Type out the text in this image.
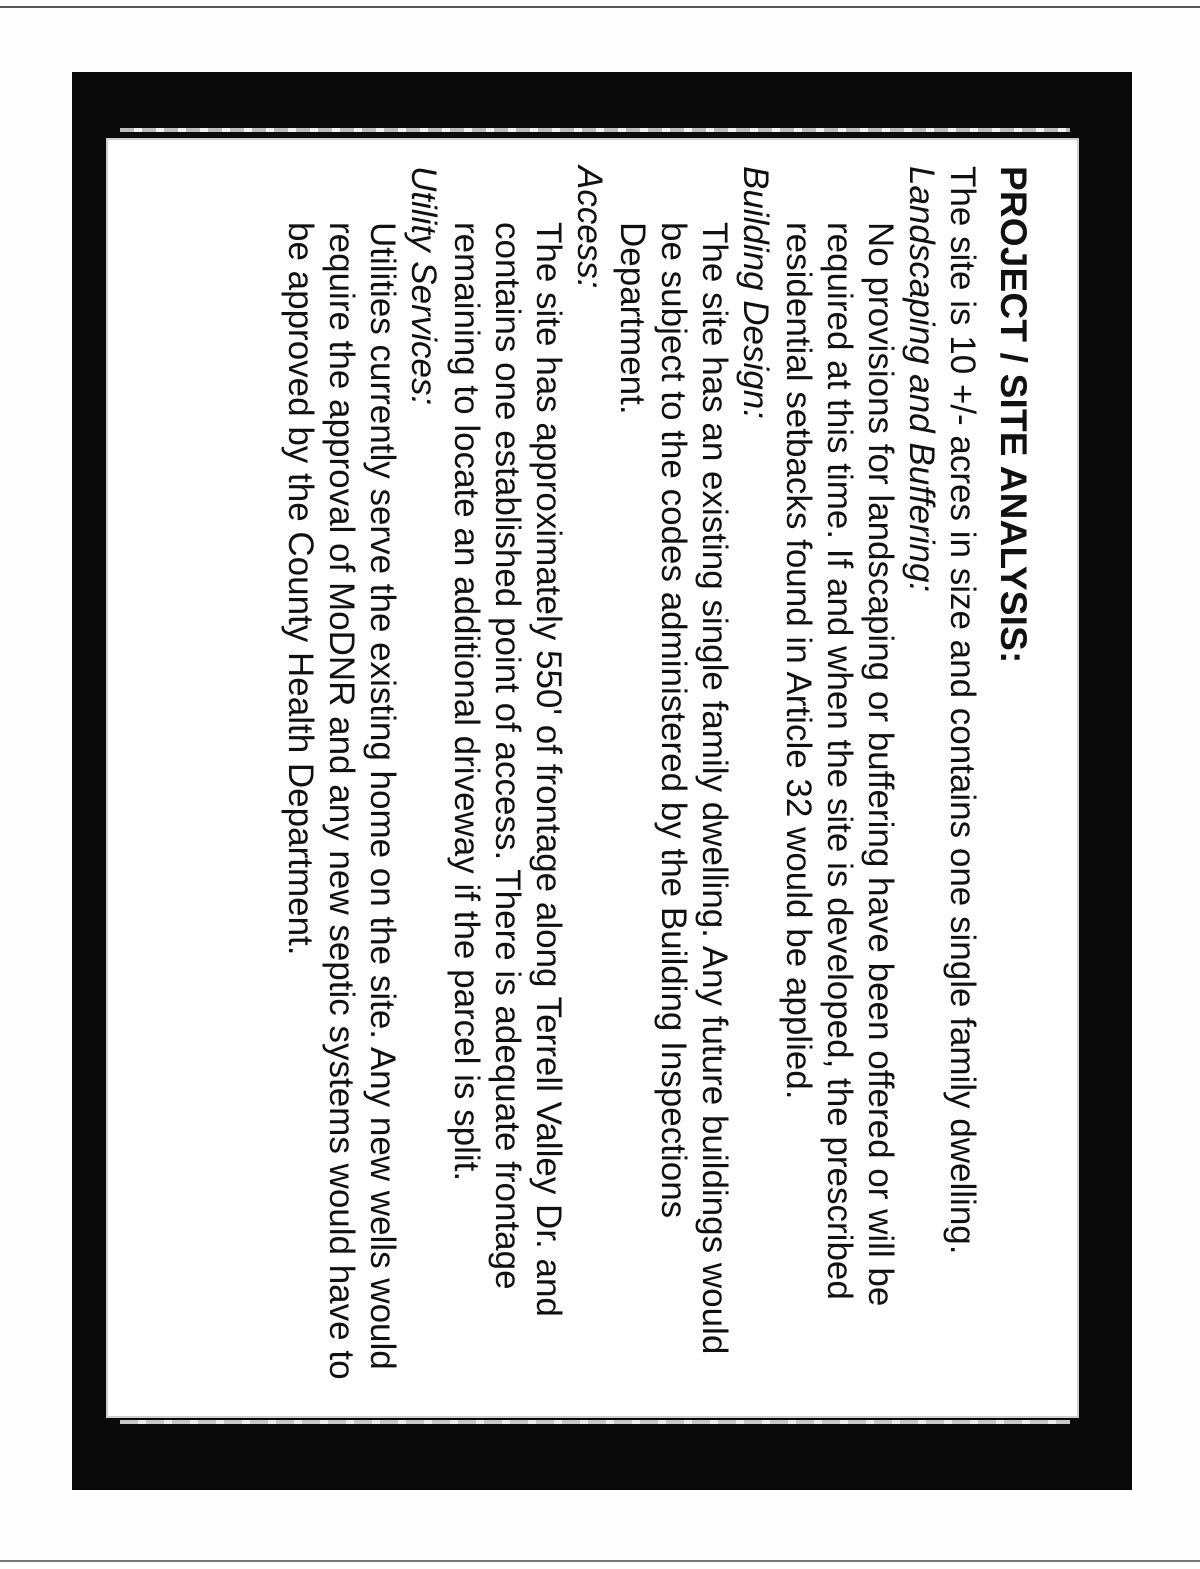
PROJECT / SITE ANALYSIS:
The site is 10 +/- acres in size and contains one single family dwelling.
Landscaping and Buffering:
No provisions for landscaping or buffering have been offered or will be required at this time. If and when the site is developed, the prescribed residential setbacks found in Article 32 would be applied.
Building Design:
The site has an existing single family dwelling. Any future buildings would be subject to the codes administered by the Building Inspections Department.
Access:
The site has approximately 550' of frontage along Terrell Valley Dr. and contains one established point of access. There is adequate frontage remaining to locate an additional driveway if the parcel is split.
Utility Services:
Utilities currently serve the existing home on the site. Any new wells would require the approval of MoDNR and any new septic systems would have to be approved by the County Health Department.
